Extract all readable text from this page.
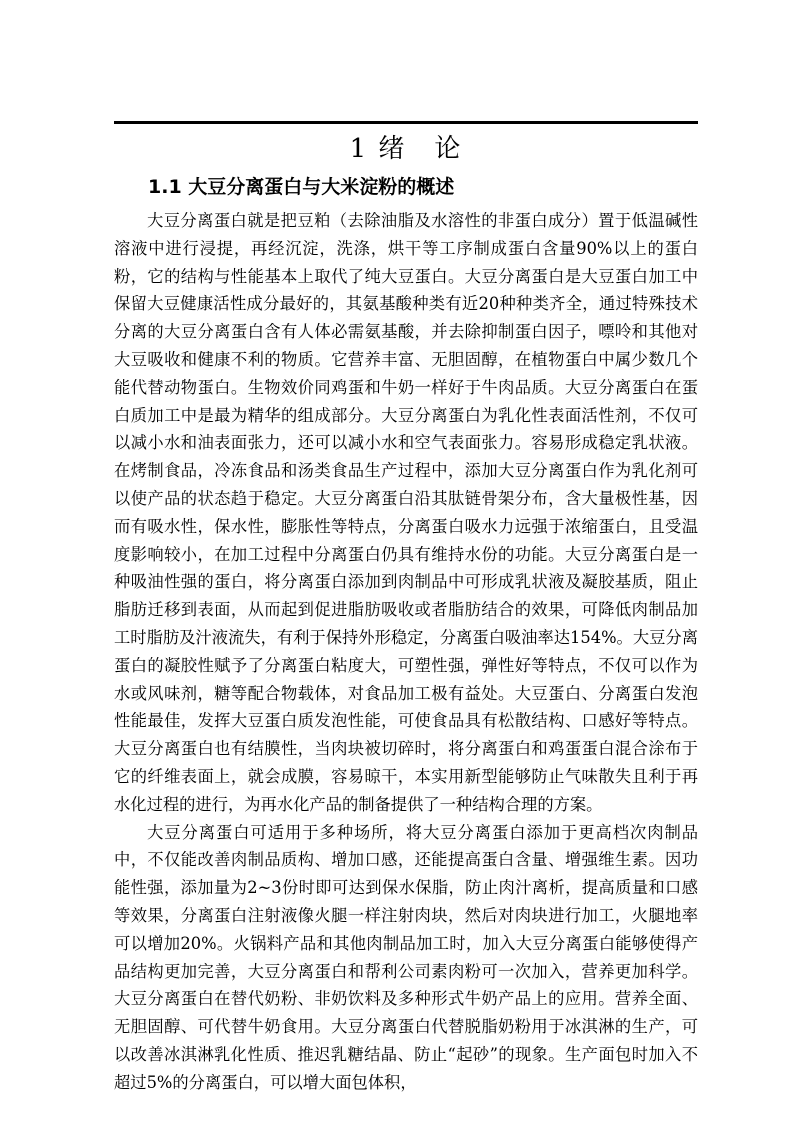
1 绪　论
1.1 大豆分离蛋白与大米淀粉的概述

大豆分离蛋白就是把豆粕（去除油脂及水溶性的非蛋白成分）置于低温碱性溶液中进行浸提，再经沉淀，洗涤，烘干等工序制成蛋白含量90%以上的蛋白粉，它的结构与性能基本上取代了纯大豆蛋白。大豆分离蛋白是大豆蛋白加工中保留大豆健康活性成分最好的，其氨基酸种类有近20种种类齐全，通过特殊技术分离的大豆分离蛋白含有人体必需氨基酸，并去除抑制蛋白因子，嘌呤和其他对大豆吸收和健康不利的物质。它营养丰富、无胆固醇，在植物蛋白中属少数几个能代替动物蛋白。生物效价同鸡蛋和牛奶一样好于牛肉品质。大豆分离蛋白在蛋白质加工中是最为精华的组成部分。大豆分离蛋白为乳化性表面活性剂，不仅可以减小水和油表面张力，还可以减小水和空气表面张力。容易形成稳定乳状液。在烤制食品，冷冻食品和汤类食品生产过程中，添加大豆分离蛋白作为乳化剂可以使产品的状态趋于稳定。大豆分离蛋白沿其肽链骨架分布，含大量极性基，因而有吸水性，保水性，膨胀性等特点，分离蛋白吸水力远强于浓缩蛋白，且受温度影响较小，在加工过程中分离蛋白仍具有维持水份的功能。大豆分离蛋白是一种吸油性强的蛋白，将分离蛋白添加到肉制品中可形成乳状液及凝胶基质，阻止脂肪迁移到表面，从而起到促进脂肪吸收或者脂肪结合的效果，可降低肉制品加工时脂肪及汁液流失，有利于保持外形稳定，分离蛋白吸油率达154%。大豆分离蛋白的凝胶性赋予了分离蛋白粘度大，可塑性强，弹性好等特点，不仅可以作为水或风味剂，糖等配合物载体，对食品加工极有益处。大豆蛋白、分离蛋白发泡性能最佳，发挥大豆蛋白质发泡性能，可使食品具有松散结构、口感好等特点。大豆分离蛋白也有结膜性，当肉块被切碎时，将分离蛋白和鸡蛋蛋白混合涂布于它的纤维表面上，就会成膜，容易晾干，本实用新型能够防止气味散失且利于再水化过程的进行，为再水化产品的制备提供了一种结构合理的方案。

大豆分离蛋白可适用于多种场所，将大豆分离蛋白添加于更高档次肉制品中，不仅能改善肉制品质构、增加口感，还能提高蛋白含量、增强维生素。因功能性强，添加量为2~3份时即可达到保水保脂，防止肉汁离析，提高质量和口感等效果，分离蛋白注射液像火腿一样注射肉块，然后对肉块进行加工，火腿地率可以增加20%。火锅料产品和其他肉制品加工时，加入大豆分离蛋白能够使得产品结构更加完善，大豆分离蛋白和帮利公司素肉粉可一次加入，营养更加科学。大豆分离蛋白在替代奶粉、非奶饮料及多种形式牛奶产品上的应用。营养全面、无胆固醇、可代替牛奶食用。大豆分离蛋白代替脱脂奶粉用于冰淇淋的生产，可以改善冰淇淋乳化性质、推迟乳糖结晶、防止“起砂”的现象。生产面包时加入不超过5%的分离蛋白，可以增大面包体积，
